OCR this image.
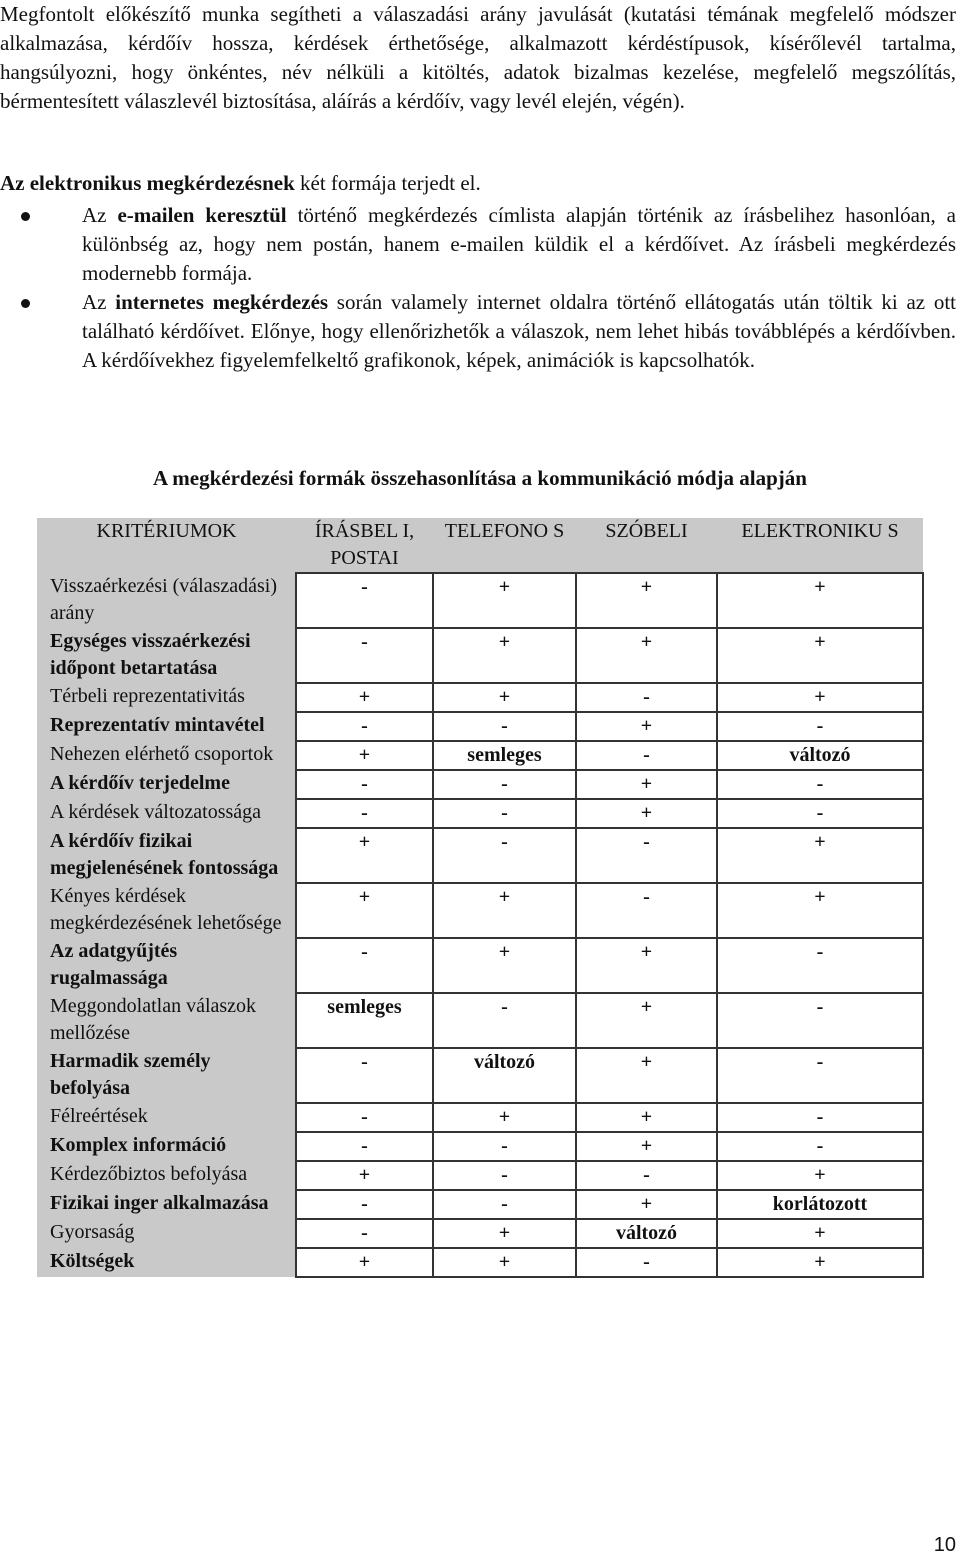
Megfontolt előkészítő munka segítheti a válaszadási arány javulását (kutatási témának megfelelő módszer alkalmazása, kérdőív hossza, kérdések érthetősége, alkalmazott kérdéstípusok, kísérőlevél tartalma, hangsúlyozni, hogy önkéntes, név nélküli a kitöltés, adatok bizalmas kezelése, megfelelő megszólítás, bérmentesített válaszlevél biztosítása, aláírás a kérdőív, vagy levél elején, végén).

Az elektronikus megkérdezésnek két formája terjedt el.

Az e-mailen keresztül történő megkérdezés címlista alapján történik az írásbelihez hasonlóan, a különbség az, hogy nem postán, hanem e-mailen küldik el a kérdőívet. Az írásbeli megkérdezés modernebb formája.
Az internetes megkérdezés során valamely internet oldalra történő ellátogatás után töltik ki az ott található kérdőívet. Előnye, hogy ellenőrizhetők a válaszok, nem lehet hibás továbblépés a kérdőívben. A kérdőívekhez figyelemfelkeltő grafikonok, képek, animációk is kapcsolhatók.

A megkérdezési formák összehasonlítása a kommunikáció módja alapján

KRITÉRIUMOK	ÍRÁSBEL I, POSTAI	TELEFONO S	SZÓBELI	ELEKTRONIKU S
Visszaérkezési (válaszadási) arány	-	+	+	+
Egységes visszaérkezési időpont betartatása	-	+	+	+
Térbeli reprezentativitás	+	+	-	+
Reprezentatív mintavétel	-	-	+	-
Nehezen elérhető csoportok	+	semleges	-	változó
A kérdőív terjedelme	-	-	+	-
A kérdések változatossága	-	-	+	-
A kérdőív fizikai megjelenésének fontossága	+	-	-	+
Kényes kérdések megkérdezésének lehetősége	+	+	-	+
Az adatgyűjtés rugalmassága	-	+	+	-
Meggondolatlan válaszok mellőzése	semleges	-	+	-
Harmadik személy befolyása	-	változó	+	-
Félreértések	-	+	+	-
Komplex információ	-	-	+	-
Kérdezőbiztos befolyása	+	-	-	+
Fizikai inger alkalmazása	-	-	+	korlátozott
Gyorsaság	-	+	változó	+
Költségek	+	+	-	+
10
